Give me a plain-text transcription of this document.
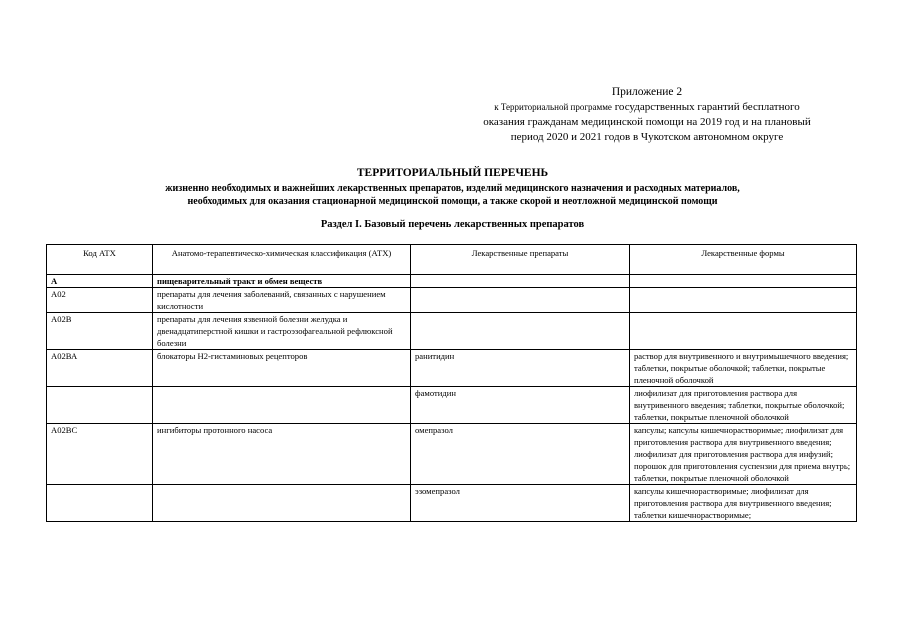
Приложение 2
к Территориальной программе государственных гарантий бесплатного
оказания гражданам медицинской помощи на 2019 год и на плановый
период 2020 и 2021 годов в Чукотском автономном округе
ТЕРРИТОРИАЛЬНЫЙ ПЕРЕЧЕНЬ
жизненно необходимых и важнейших лекарственных препаратов, изделий медицинского назначения и расходных материалов,
необходимых для оказания стационарной медицинской помощи, а также скорой и неотложной медицинской помощи
Раздел I. Базовый перечень лекарственных препаратов
Код АТХ	Анатомо-терапевтическо-химическая классификация (АТХ)	Лекарственные препараты	Лекарственные формы
А	пищеварительный тракт и обмен веществ		
А02	препараты для лечения заболеваний, связанных с нарушением кислотности		
А02В	препараты для лечения язвенной болезни желудка и двенадцатиперстной кишки и гастроэзофагеальной рефлюксной болезни		
А02ВА	блокаторы Н2-гистаминовых рецепторов	ранитидин	раствор для внутривенного и внутримышечного введения; таблетки, покрытые оболочкой; таблетки, покрытые пленочной оболочкой
		фамотидин	лиофилизат для приготовления раствора для внутривенного введения; таблетки, покрытые оболочкой; таблетки, покрытые пленочной оболочкой
А02ВС	ингибиторы протонного насоса	омепразол	капсулы; капсулы кишечнорастворимые; лиофилизат для приготовления раствора для внутривенного введения; лиофилизат для приготовления раствора для инфузий; порошок для приготовления суспензии для приема внутрь; таблетки, покрытые пленочной оболочкой
		эзомепразол	капсулы кишечнорастворимые; лиофилизат для приготовления раствора для внутривенного введения; таблетки кишечнорастворимые;
